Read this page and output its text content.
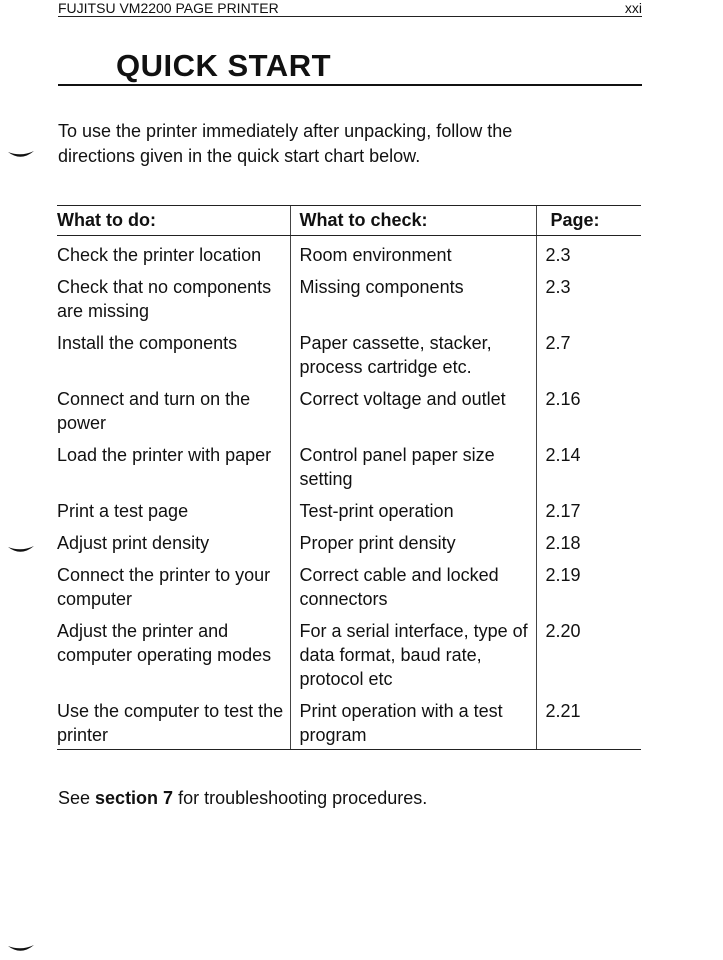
FUJITSU VM2200 PAGE PRINTER	xxi
QUICK START

To use the printer immediately after unpacking, follow the

directions given in the quick start chart below.

What to do:	What to check:	Page:
Check the printer location	Room environment	2.3
Check that no components are missing	Missing components	2.3
Install the components	Paper cassette, stacker, process cartridge etc.	2.7
Connect and turn on the power	Correct voltage and outlet	2.16
Load the printer with paper	Control panel paper size setting	2.14
Print a test page	Test-print operation	2.17
Adjust print density	Proper print density	2.18
Connect the printer to your computer	Correct cable and locked connectors	2.19
Adjust the printer and computer operating modes	For a serial interface, type of data format, baud rate, protocol etc	2.20
Use the computer to test the printer	Print operation with a test program	2.21
See section 7 for troubleshooting procedures.
